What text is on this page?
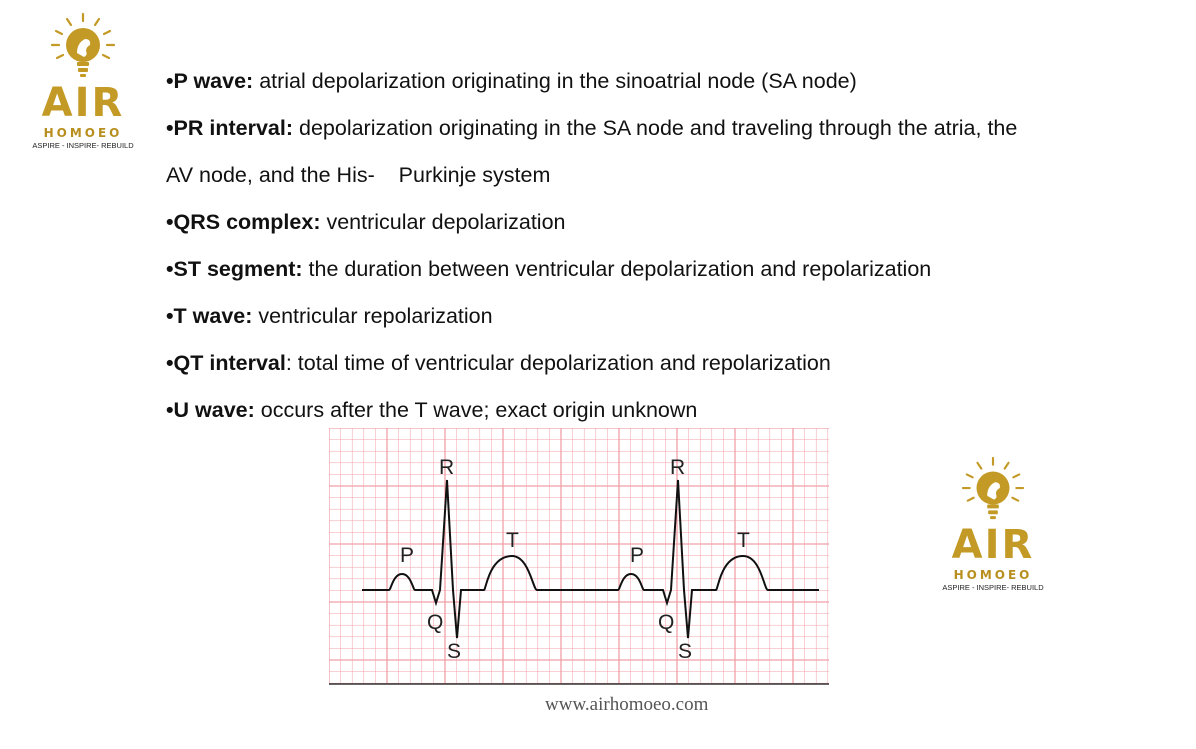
AIR
HOMOEO
ASPIRE - INSPIRE- REBUILD
•P wave: atrial depolarization originating in the sinoatrial node (SA node)
•PR interval: depolarization originating in the SA node and traveling through the atria, the
AV node, and the His-    Purkinje system
•QRS complex: ventricular depolarization
•ST segment: the duration between ventricular depolarization and repolarization
•T wave: ventricular repolarization
•QT interval: total time of ventricular depolarization and repolarization
•U wave: occurs after the T wave; exact origin unknown
P
R
T
Q
S
P
R
T
Q
S
AIR
HOMOEO
ASPIRE - INSPIRE- REBUILD
www.airhomoeo.com
